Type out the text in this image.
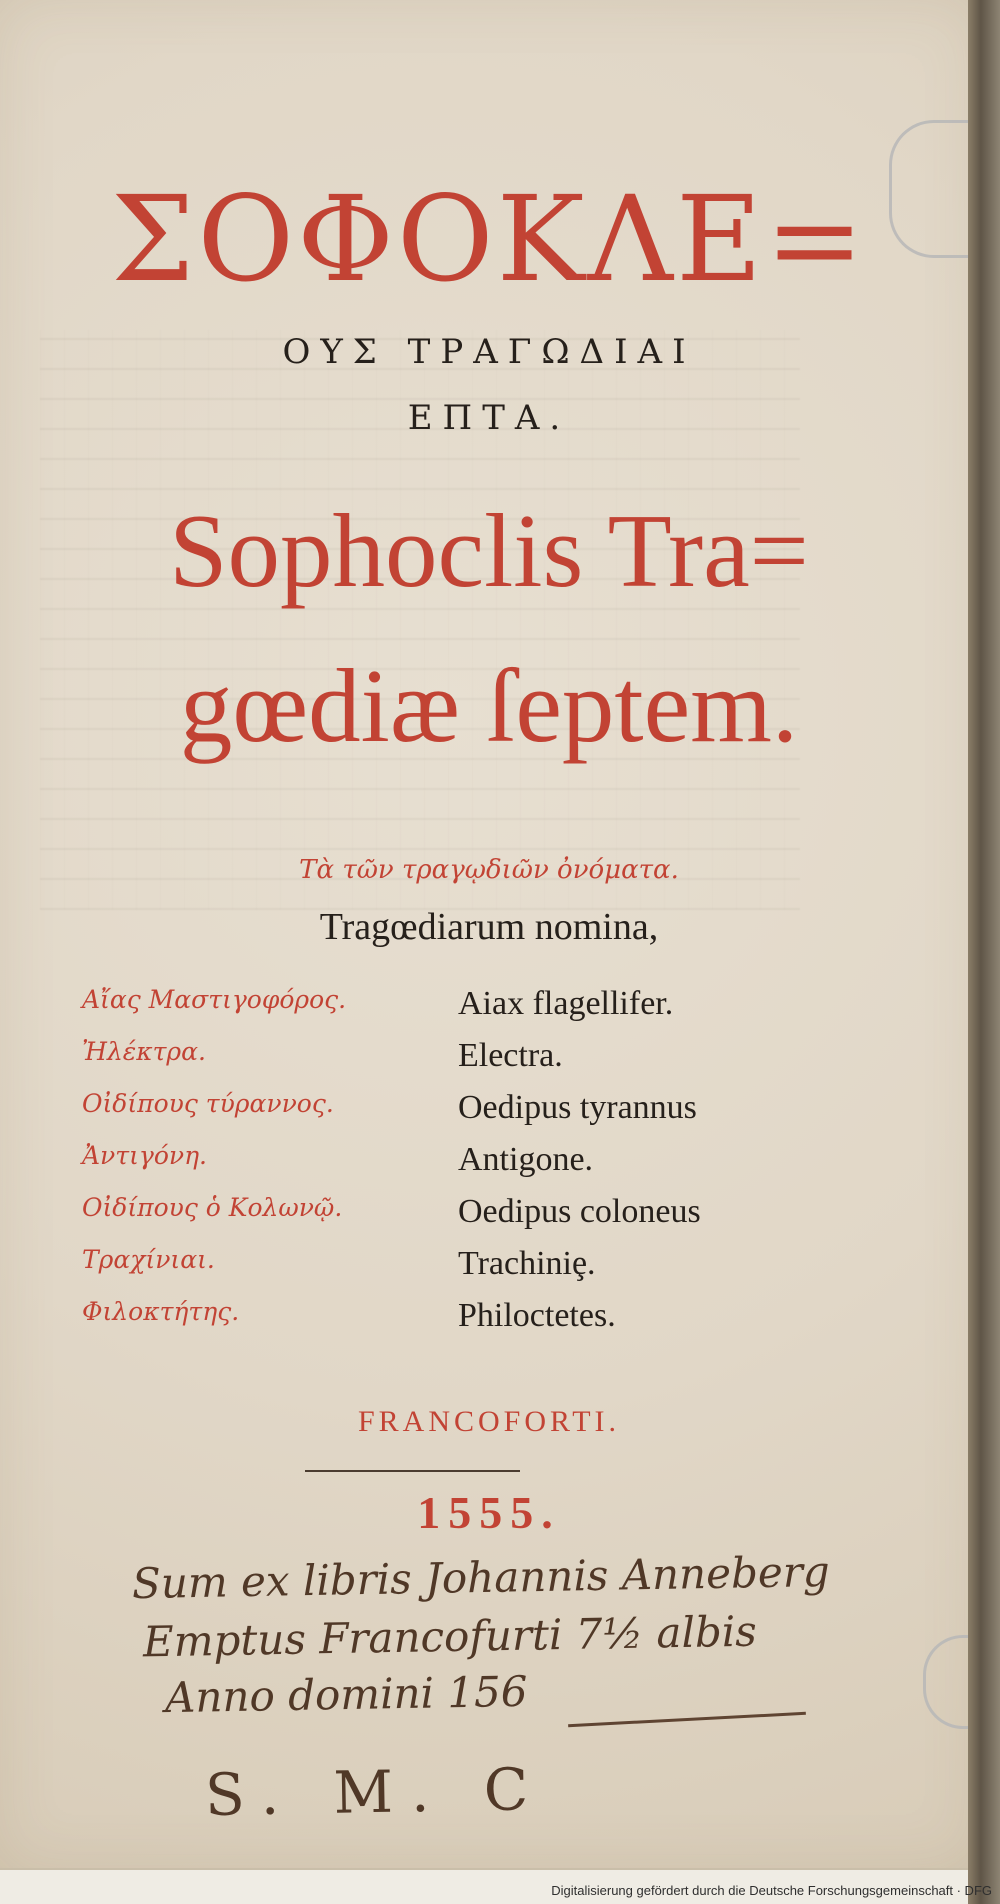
ΣΟΦΟΚΛΕ=
ΟΥΣ ΤΡΑΓΩΔΙΑΙ
ΕΠΤΑ.
Sophoclis Tra=
gœdiæ ſeptem.
Τὰ τῶν τραγῳδιῶν ὀνόματα.
Tragœdiarum nomina,
Αἴας Μαστιγοφόρος.	Aiax flagellifer.
Ἠλέκτρα.	Electra.
Οἰδίπους τύραννος.	Oedipus tyrannus
Ἀντιγόνη.	Antigone.
Οἰδίπους ὁ Κολωνῷ.	Oedipus coloneus
Τραχίνιαι.	Trachiniȩ.
Φιλοκτήτης.	Philoctetes.
FRANCOFORTI.
1555.
Sum ex libris Johannis Anneberg
Emptus Francofurti 7½ albis
Anno domini 156
S. M. C
Digitalisierung gefördert durch die Deutsche Forschungsgemeinschaft · DFG
